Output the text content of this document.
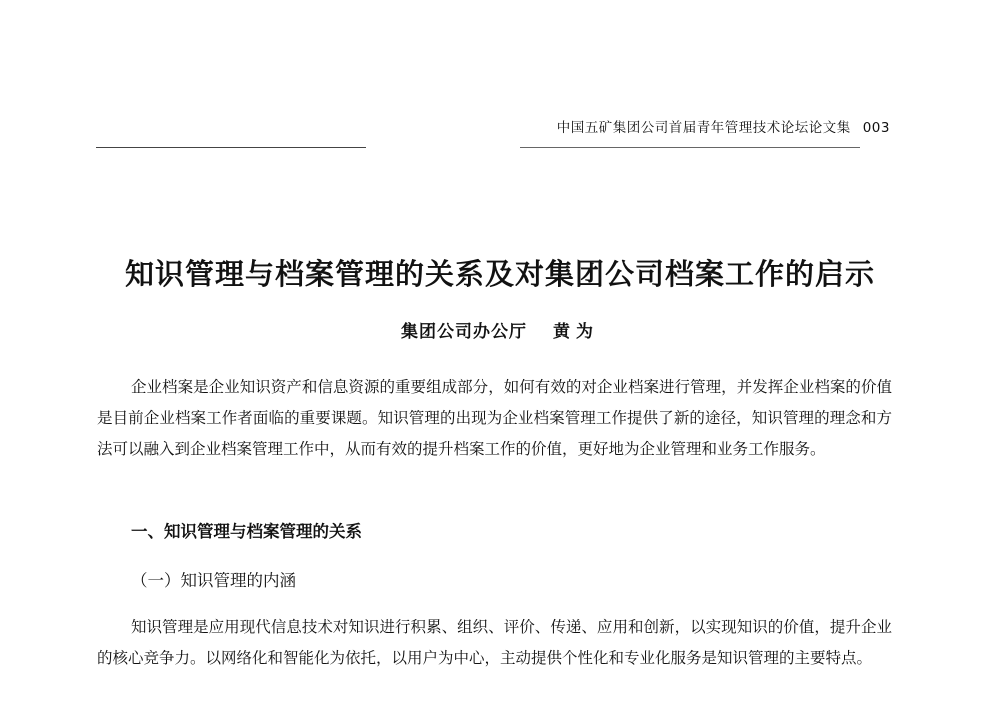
中国五矿集团公司首届青年管理技术论坛论文集 003
知识管理与档案管理的关系及对集团公司档案工作的启示
集团公司办公厅 黄为

企业档案是企业知识资产和信息资源的重要组成部分，如何有效的对企业档案进行管理，并发挥企业档案的价值是目前企业档案工作者面临的重要课题。知识管理的出现为企业档案管理工作提供了新的途径，知识管理的理念和方法可以融入到企业档案管理工作中，从而有效的提升档案工作的价值，更好地为企业管理和业务工作服务。

一、知识管理与档案管理的关系
（一）知识管理的内涵

知识管理是应用现代信息技术对知识进行积累、组织、评价、传递、应用和创新，以实现知识的价值，提升企业的核心竞争力。以网络化和智能化为依托，以用户为中心，主动提供个性化和专业化服务是知识管理的主要特点。
